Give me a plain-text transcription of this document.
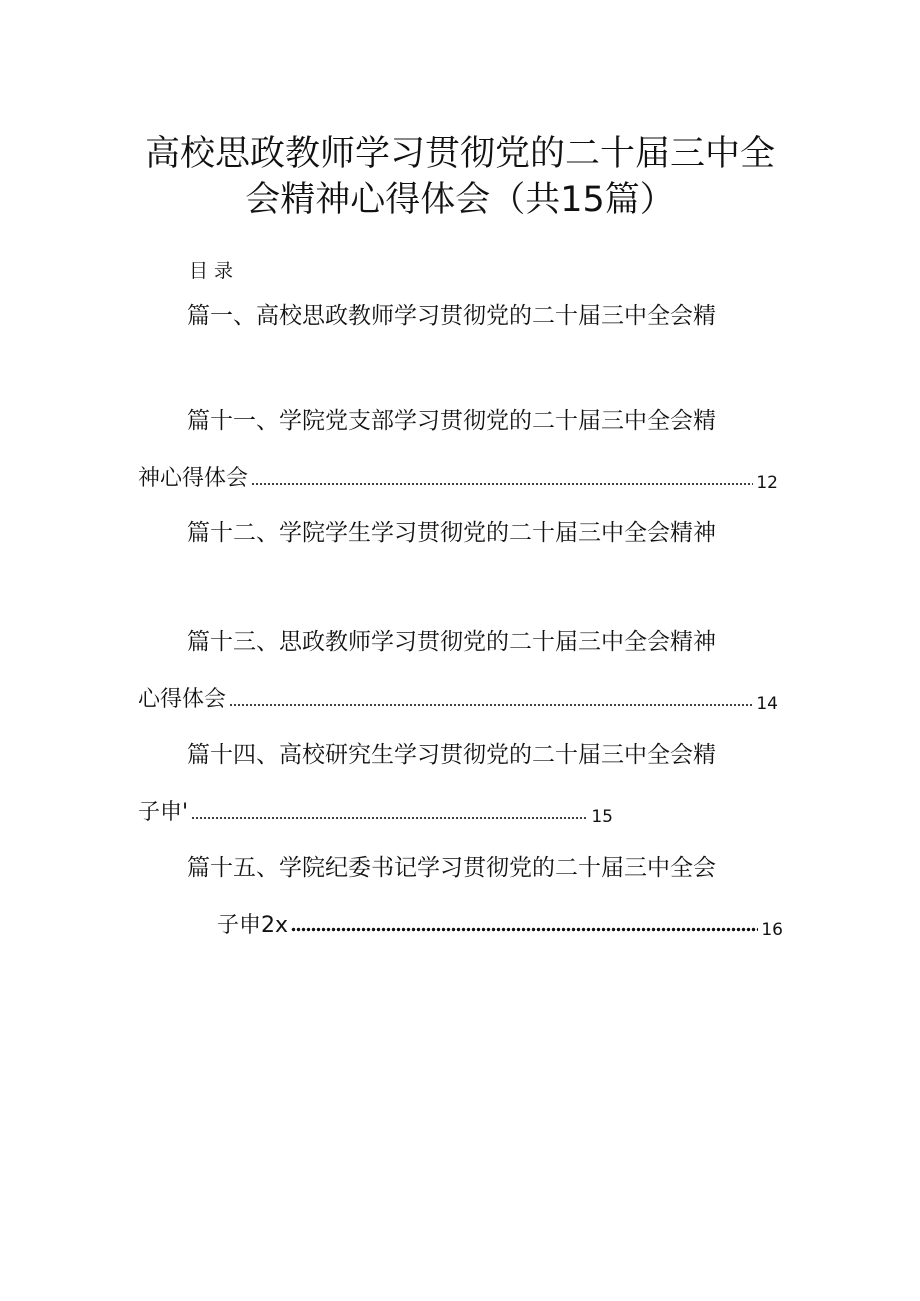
高校思政教师学习贯彻党的二十届三中全
会精神心得体会（共15篇）
目录
篇一、高校思政教师学习贯彻党的二十届三中全会精
篇十一、学院党支部学习贯彻党的二十届三中全会精
神心得体会	12
篇十二、学院学生学习贯彻党的二十届三中全会精神
篇十三、思政教师学习贯彻党的二十届三中全会精神
心得体会	14
篇十四、高校研究生学习贯彻党的二十届三中全会精
子申'	15
篇十五、学院纪委书记学习贯彻党的二十届三中全会
子申2x	16
